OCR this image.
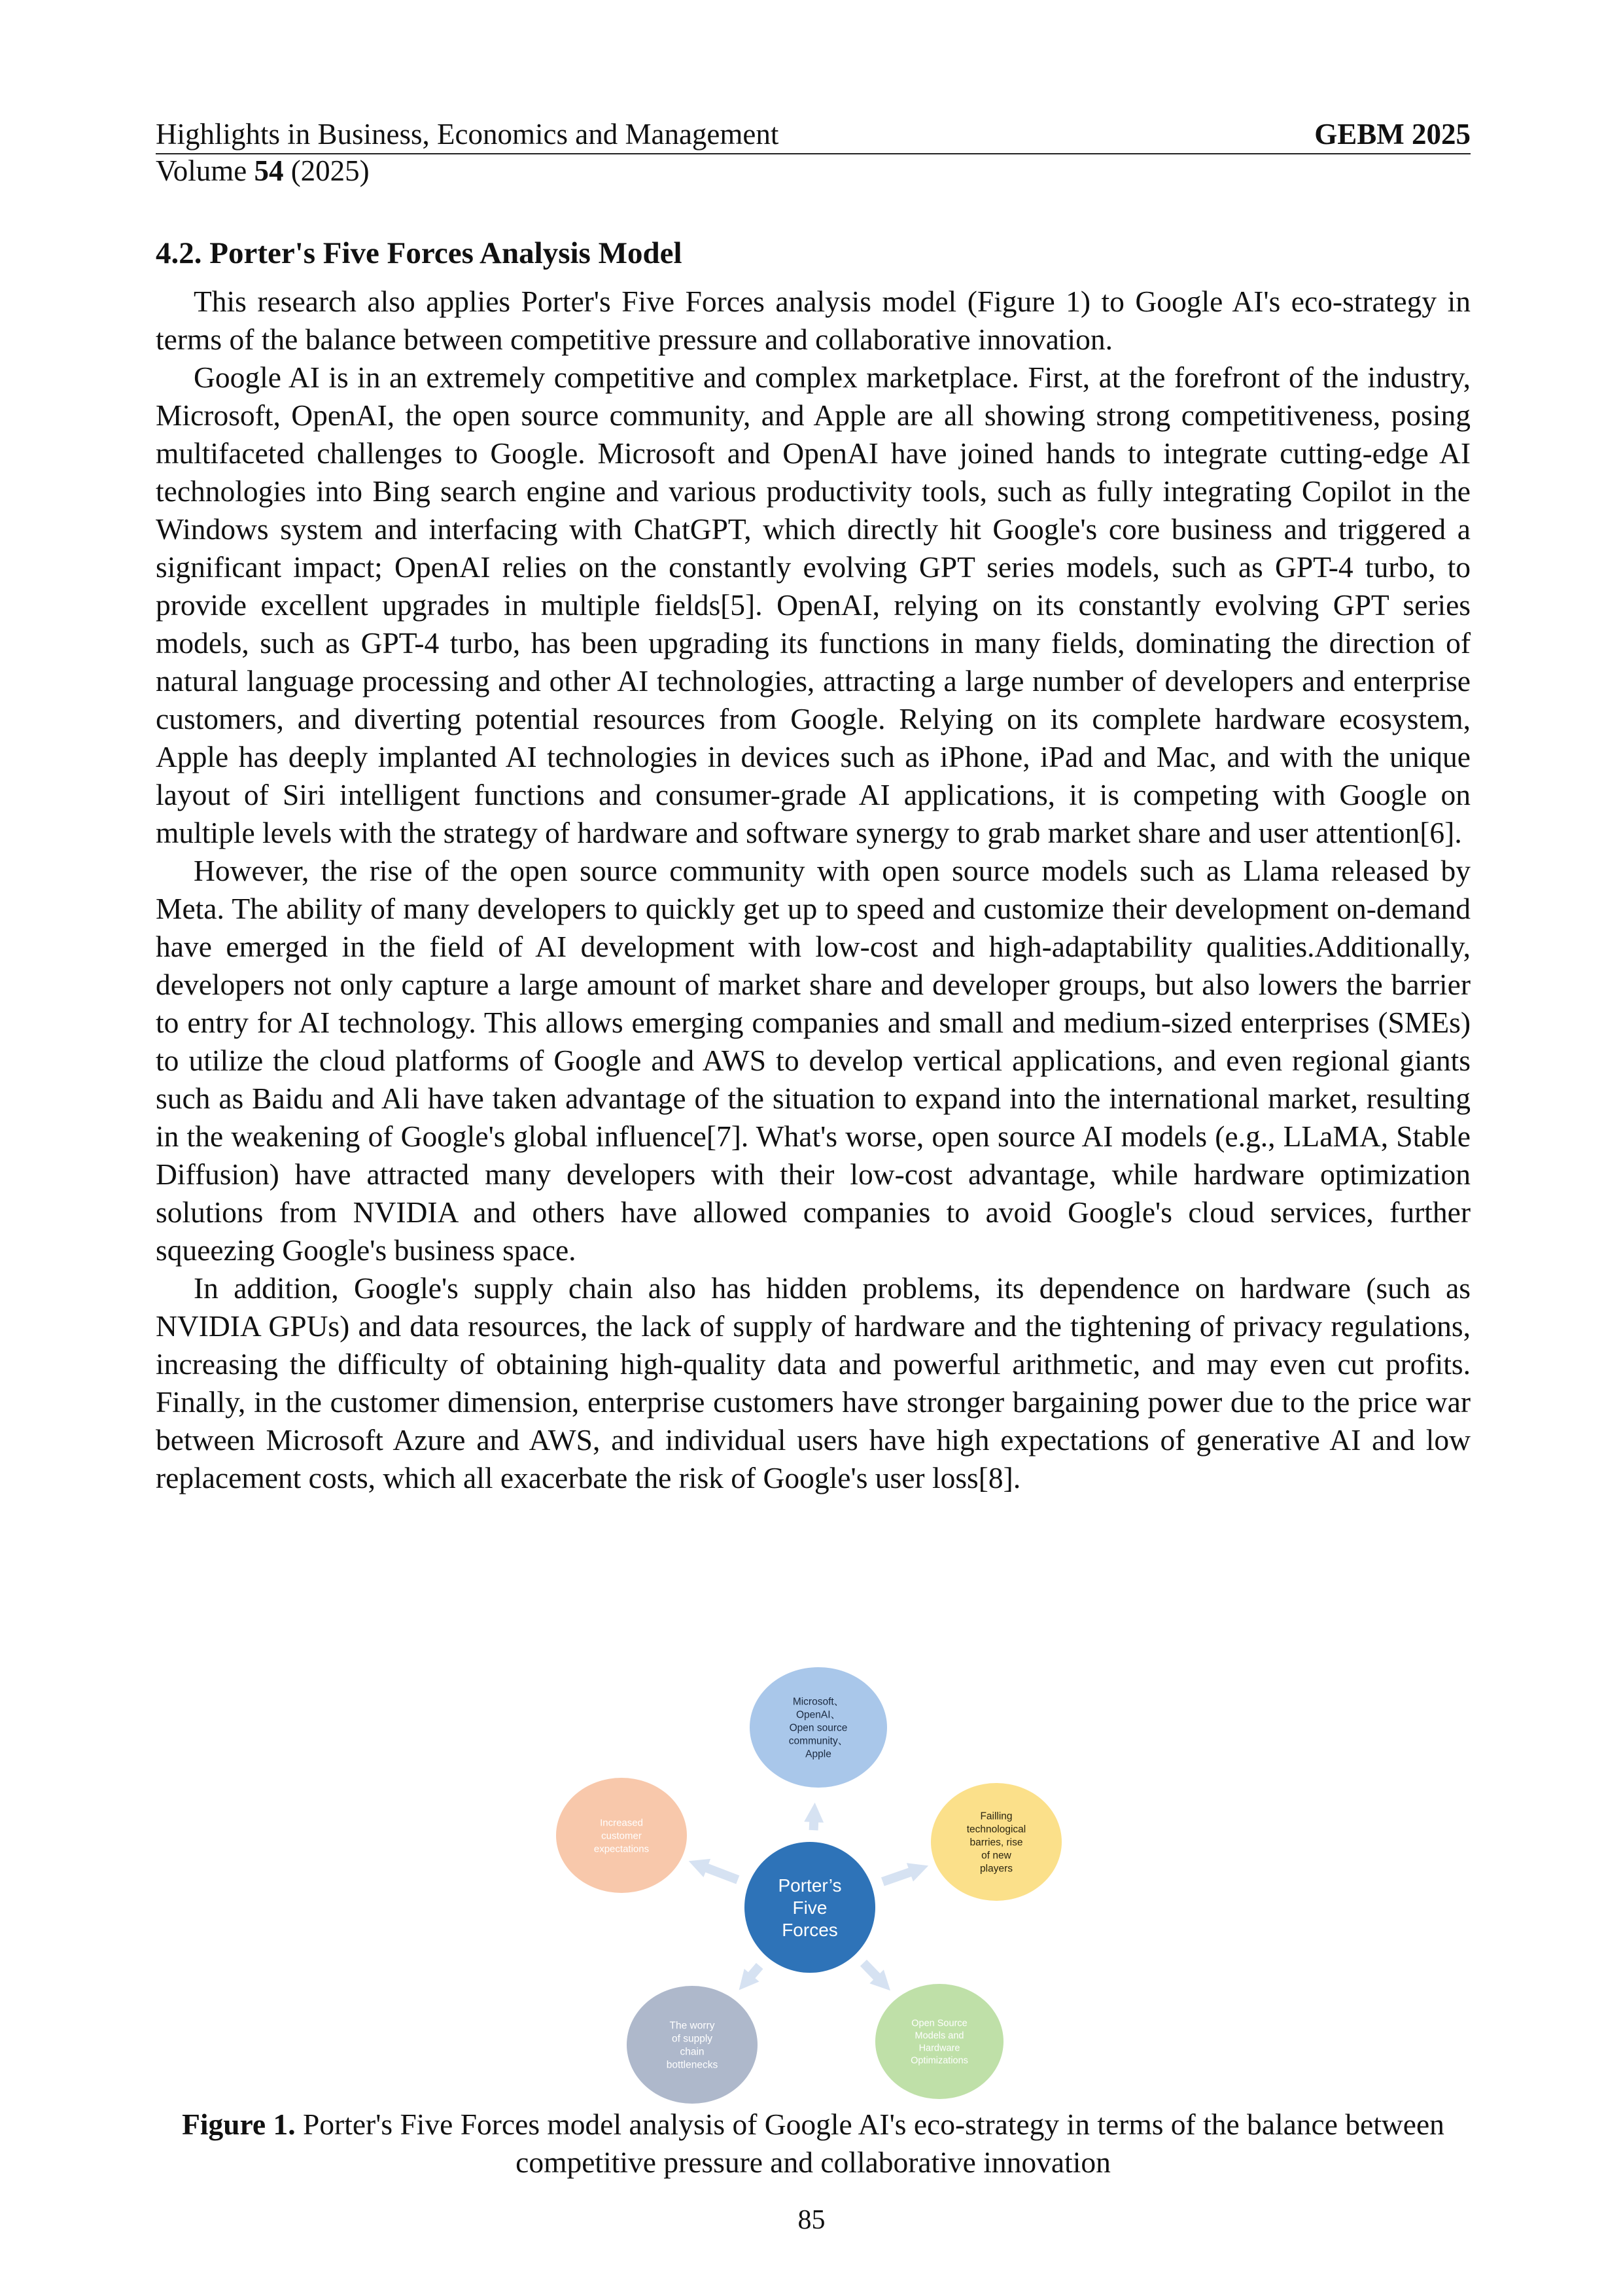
Highlights in Business, Economics and Management	GEBM 2025
Volume 54 (2025)
4.2. Porter's Five Forces Analysis Model

This research also applies Porter's Five Forces analysis model (Figure 1) to Google AI's eco-strategy in terms of the balance between competitive pressure and collaborative innovation.

Google AI is in an extremely competitive and complex marketplace. First, at the forefront of the industry, Microsoft, OpenAI, the open source community, and Apple are all showing strong competitiveness, posing multifaceted challenges to Google. Microsoft and OpenAI have joined hands to integrate cutting-edge AI technologies into Bing search engine and various productivity tools, such as fully integrating Copilot in the Windows system and interfacing with ChatGPT, which directly hit Google's core business and triggered a significant impact; OpenAI relies on the constantly evolving GPT series models, such as GPT-4 turbo, to provide excellent upgrades in multiple fields[5]. OpenAI, relying on its constantly evolving GPT series models, such as GPT-4 turbo, has been upgrading its functions in many fields, dominating the direction of natural language processing and other AI technologies, attracting a large number of developers and enterprise customers, and diverting potential resources from Google. Relying on its complete hardware ecosystem, Apple has deeply implanted AI technologies in devices such as iPhone, iPad and Mac, and with the unique layout of Siri intelligent functions and consumer-grade AI applications, it is competing with Google on multiple levels with the strategy of hardware and software synergy to grab market share and user attention[6].

However, the rise of the open source community with open source models such as Llama released by Meta. The ability of many developers to quickly get up to speed and customize their development on-demand have emerged in the field of AI development with low-cost and high-adaptability qualities.Additionally, developers not only capture a large amount of market share and developer groups, but also lowers the barrier to entry for AI technology. This allows emerging companies and small and medium-sized enterprises (SMEs) to utilize the cloud platforms of Google and AWS to develop vertical applications, and even regional giants such as Baidu and Ali have taken advantage of the situation to expand into the international market, resulting in the weakening of Google's global influence[7]. What's worse, open source AI models (e.g., LLaMA, Stable Diffusion) have attracted many developers with their low-cost advantage, while hardware optimization solutions from NVIDIA and others have allowed companies to avoid Google's cloud services, further squeezing Google's business space.

In addition, Google's supply chain also has hidden problems, its dependence on hardware (such as NVIDIA GPUs) and data resources, the lack of supply of hardware and the tightening of privacy regulations, increasing the difficulty of obtaining high-quality data and powerful arithmetic, and may even cut profits. Finally, in the customer dimension, enterprise customers have stronger bargaining power due to the price war between Microsoft Azure and AWS, and individual users have high expectations of generative AI and low replacement costs, which all exacerbate the risk of Google's user loss[8].

Microsoft、
OpenAI、
Open source
community、
Apple
Failling
technological
barries, rise
of new
players
Open Source
Models and
Hardware
Optimizations
The worry
of supply
chain
bottlenecks
Increased
customer
expectations
Porter’s
Five
Forces
Figure 1. Porter's Five Forces model analysis of Google AI's eco-strategy in terms of the balance between competitive pressure and collaborative innovation
85
